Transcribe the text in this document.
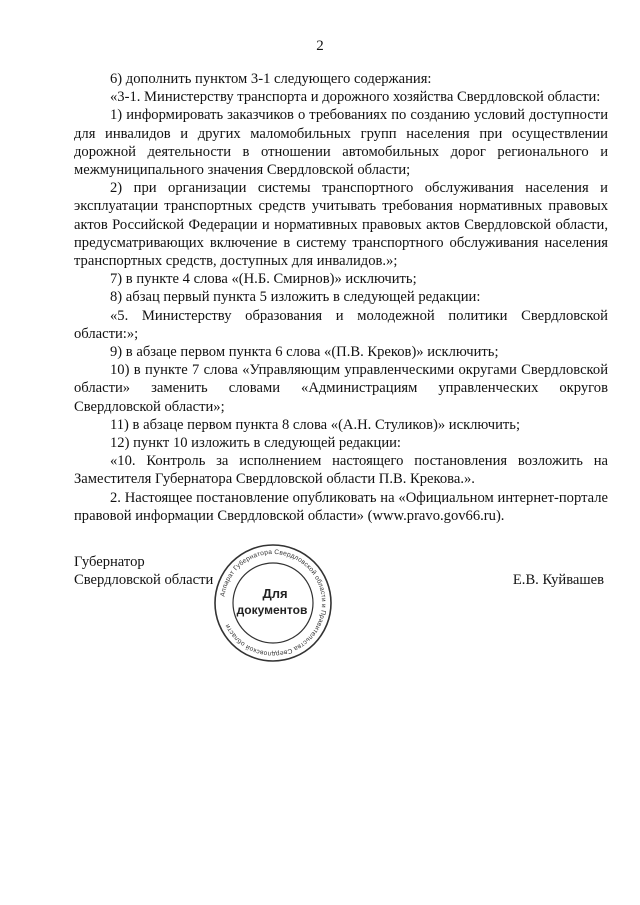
2

6) дополнить пунктом 3-1 следующего содержания:

«3-1. Министерству транспорта и дорожного хозяйства Свердловской области:

1) информировать заказчиков о требованиях по созданию условий доступности для инвалидов и других маломобильных групп населения при осуществлении дорожной деятельности в отношении автомобильных дорог регионального и межмуниципального значения Свердловской области;

2) при организации системы транспортного обслуживания населения и эксплуатации транспортных средств учитывать требования нормативных правовых актов Российской Федерации и нормативных правовых актов Свердловской области, предусматривающих включение в систему транспортного обслуживания населения транспортных средств, доступных для инвалидов.»;

7) в пункте 4 слова «(Н.Б. Смирнов)» исключить;

8) абзац первый пункта 5 изложить в следующей редакции:

«5. Министерству образования и молодежной политики Свердловской области:»;

9) в абзаце первом пункта 6 слова «(П.В. Креков)» исключить;

10) в пункте 7 слова «Управляющим управленческими округами Свердловской области» заменить словами «Администрациям управленческих округов Свердловской области»;

11) в абзаце первом пункта 8 слова «(А.Н. Стуликов)» исключить;

12) пункт 10 изложить в следующей редакции:

«10. Контроль за исполнением настоящего постановления возложить на Заместителя Губернатора Свердловской области П.В. Крекова.».

2. Настоящее постановление опубликовать на «Официальном интернет-портале правовой информации Свердловской области» (www.pravo.gov66.ru).

Губернатор
Свердловской области	Е.В. Куйвашев
Аппарат Губернатора Свердловской области и Правительства Свердловской области
Для
документов
